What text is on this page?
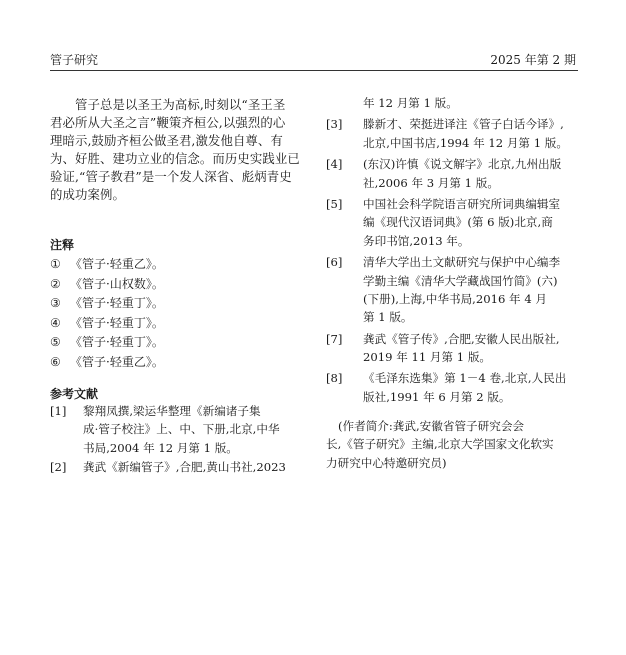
管子研究	2025 年第 2 期
管子总是以圣王为高标,时刻以“圣王圣
君必所从大圣之言”鞭策齐桓公,以强烈的心
理暗示,鼓励齐桓公做圣君,激发他自尊、有
为、好胜、建功立业的信念。而历史实践业已
验证,“管子教君”是一个发人深省、彪炳青史
的成功案例。
注释
① 《管子·轻重乙》。
② 《管子·山权数》。
③ 《管子·轻重丁》。
④ 《管子·轻重丁》。
⑤ 《管子·轻重丁》。
⑥ 《管子·轻重乙》。
参考文献
[1] 黎翔凤撰,梁运华整理《新编诸子集
成·管子校注》上、中、下册,北京,中华
书局,2004 年 12 月第 1 版。
[2] 龚武《新编管子》,合肥,黄山书社,2023
年 12 月第 1 版。
[3] 滕新才、荣挺进译注《管子白话今译》,
北京,中国书店,1994 年 12 月第 1 版。
[4] (东汉)许慎《说文解字》北京,九州出版
社,2006 年 3 月第 1 版。
[5] 中国社会科学院语言研究所词典编辑室
编《现代汉语词典》(第 6 版)北京,商
务印书馆,2013 年。
[6] 清华大学出土文献研究与保护中心编李
学勤主编《清华大学藏战国竹简》(六)
(下册),上海,中华书局,2016 年 4 月
第 1 版。
[7] 龚武《管子传》,合肥,安徽人民出版社,
2019 年 11 月第 1 版。
[8] 《毛泽东选集》第 1－4 卷,北京,人民出
版社,1991 年 6 月第 2 版。
(作者简介:龚武,安徽省管子研究会会
长,《管子研究》主编,北京大学国家文化软实
力研究中心特邀研究员)
